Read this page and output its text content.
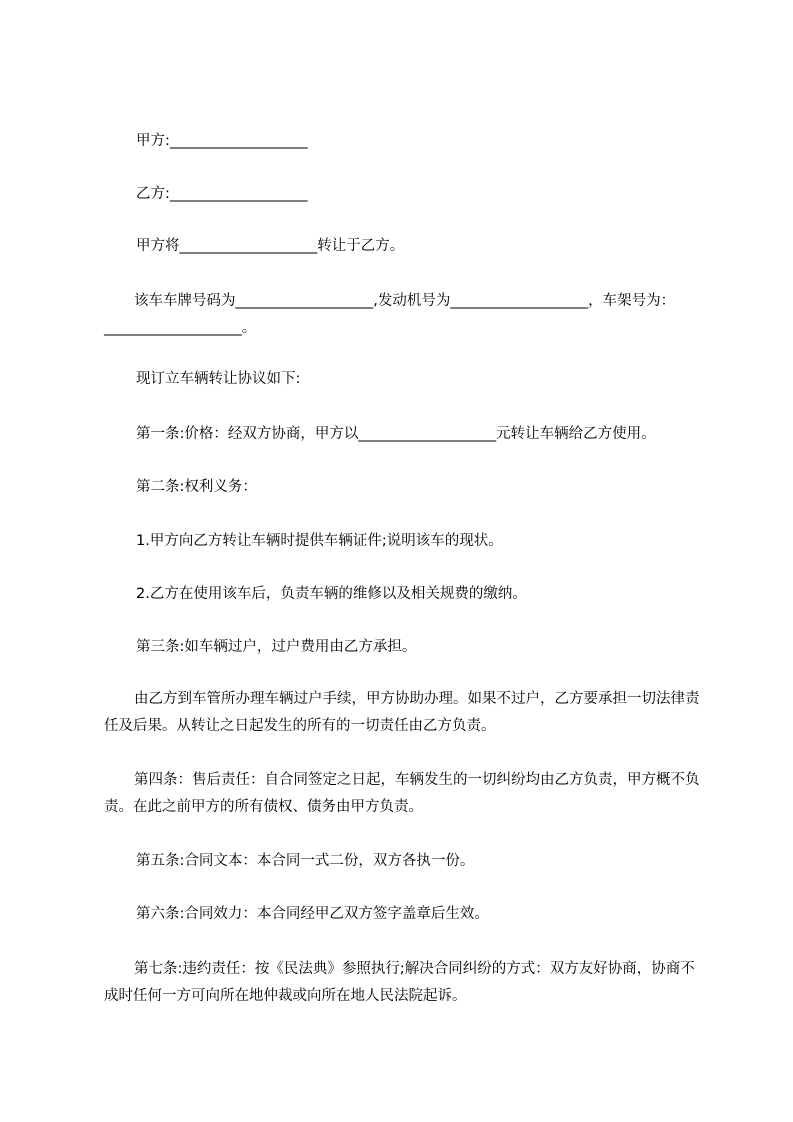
甲方:___________________

乙方:___________________

甲方将___________________转让于乙方。

该车车牌号码为___________________,发动机号为___________________，车架号为：___________________。

现订立车辆转让协议如下:

第一条:价格：经双方协商，甲方以___________________元转让车辆给乙方使用。

第二条:权利义务：

1.甲方向乙方转让车辆时提供车辆证件;说明该车的现状。

2.乙方在使用该车后，负责车辆的维修以及相关规费的缴纳。

第三条:如车辆过户，过户费用由乙方承担。

由乙方到车管所办理车辆过户手续，甲方协助办理。如果不过户，乙方要承担一切法律责任及后果。从转让之日起发生的所有的一切责任由乙方负责。

第四条：售后责任：自合同签定之日起，车辆发生的一切纠纷均由乙方负责，甲方概不负责。在此之前甲方的所有债权、债务由甲方负责。

第五条:合同文本：本合同一式二份，双方各执一份。

第六条:合同效力：本合同经甲乙双方签字盖章后生效。

第七条:违约责任：按《民法典》参照执行;解决合同纠纷的方式：双方友好协商，协商不成时任何一方可向所在地仲裁或向所在地人民法院起诉。
